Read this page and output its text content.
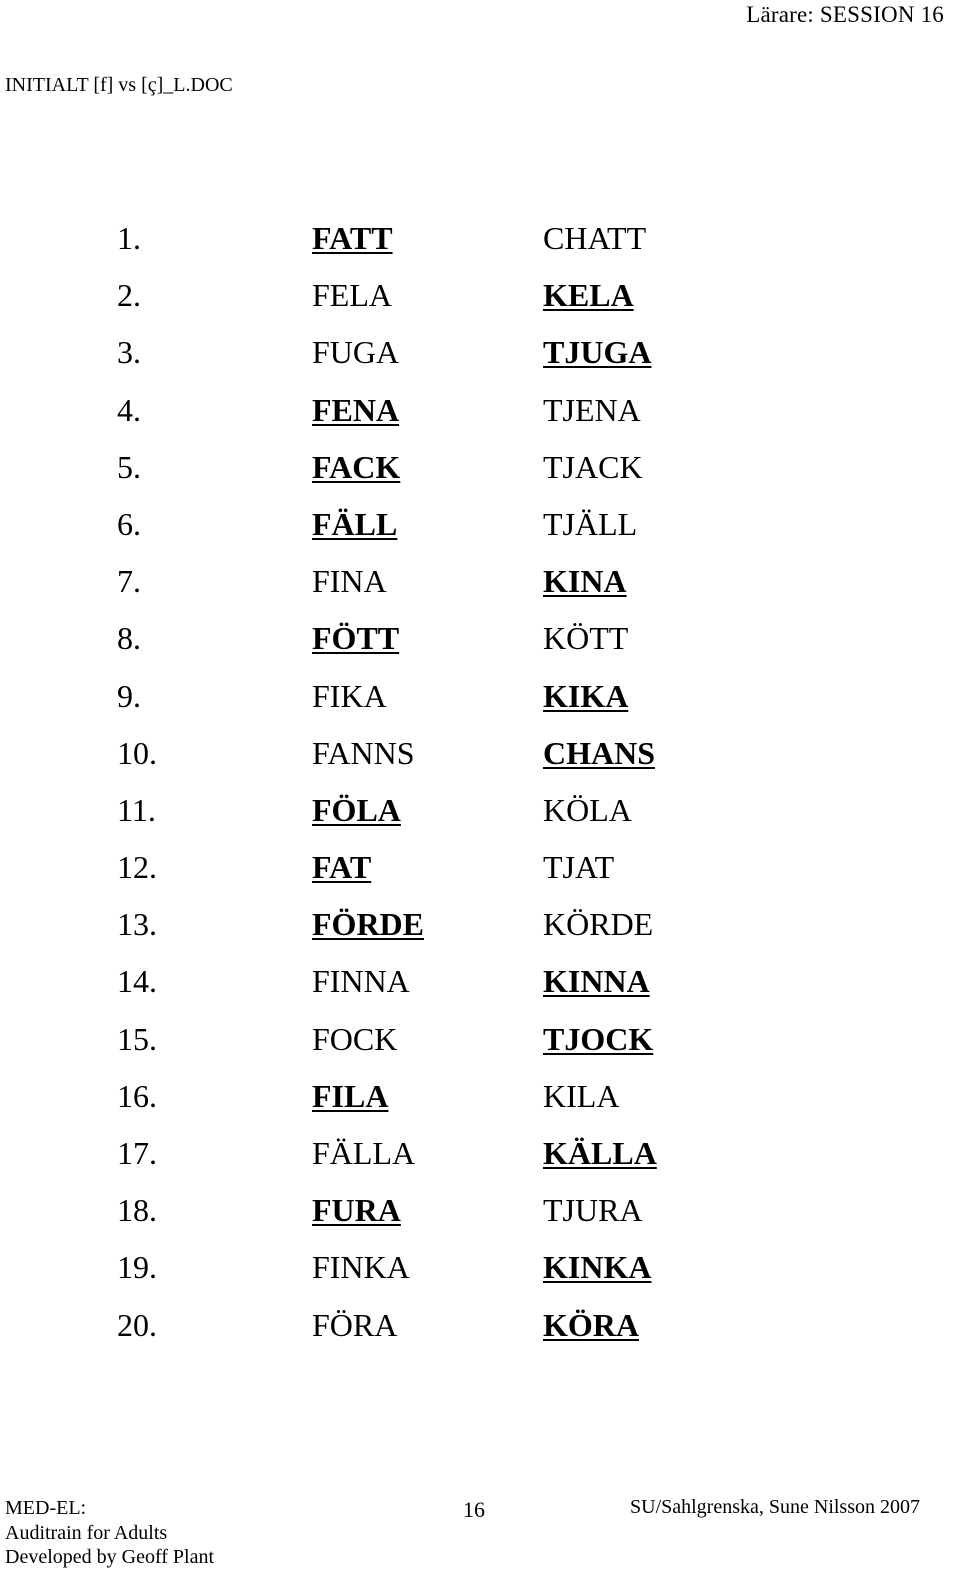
Lärare: SESSION 16
INITIALT [f] vs [ç]_L.DOC
1.	FATT	CHATT
2.	FELA	KELA
3.	FUGA	TJUGA
4.	FENA	TJENA
5.	FACK	TJACK
6.	FÄLL	TJÄLL
7.	FINA	KINA
8.	FÖTT	KÖTT
9.	FIKA	KIKA
10.	FANNS	CHANS
11.	FÖLA	KÖLA
12.	FAT	TJAT
13.	FÖRDE	KÖRDE
14.	FINNA	KINNA
15.	FOCK	TJOCK
16.	FILA	KILA
17.	FÄLLA	KÄLLA
18.	FURA	TJURA
19.	FINKA	KINKA
20.	FÖRA	KÖRA
MED-EL:
Auditrain for Adults
Developed by Geoff Plant
16	SU/Sahlgrenska, Sune Nilsson 2007
